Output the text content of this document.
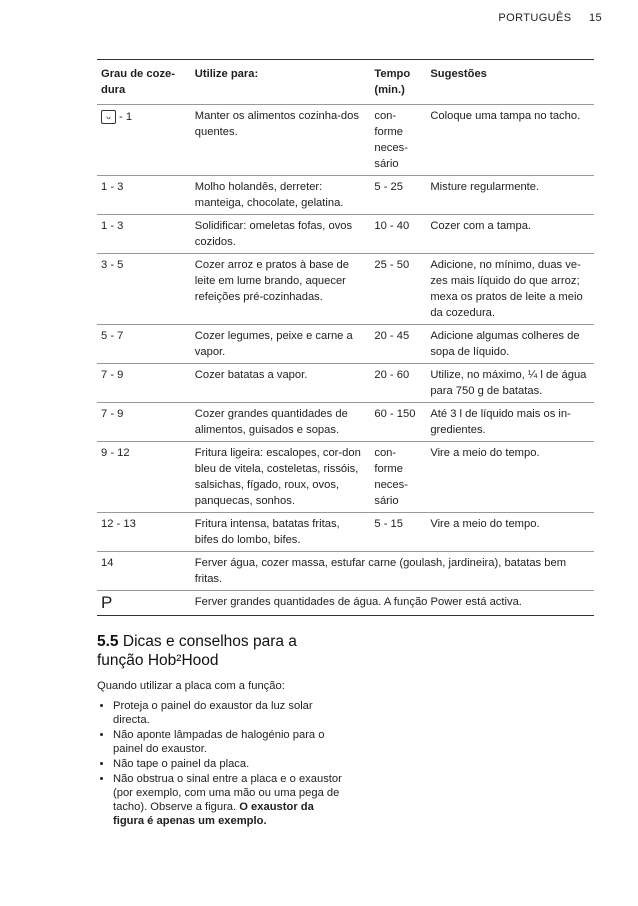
PORTUGUÊS 15
Grau de coze-dura	Utilize para:	Tempo (min.)	Sugestões

ᴗ - 1	Manter os alimentos cozinha-dos quentes.	con-forme neces-sário	Coloque uma tampa no tacho.
1 - 3	Molho holandês, derreter: manteiga, chocolate, gelatina.	5 - 25	Misture regularmente.
1 - 3	Solidificar: omeletas fofas, ovos cozidos.	10 - 40	Cozer com a tampa.
3 - 5	Cozer arroz e pratos à base de leite em lume brando, aquecer refeições pré-cozinhadas.	25 - 50	Adicione, no mínimo, duas ve-zes mais líquido do que arroz; mexa os pratos de leite a meio da cozedura.
5 - 7	Cozer legumes, peixe e carne a vapor.	20 - 45	Adicione algumas colheres de sopa de líquido.
7 - 9	Cozer batatas a vapor.	20 - 60	Utilize, no máximo, ¼ l de água para 750 g de batatas.
7 - 9	Cozer grandes quantidades de alimentos, guisados e sopas.	60 - 150	Até 3 l de líquido mais os in-gredientes.
9 - 12	Fritura ligeira: escalopes, cor-don bleu de vitela, costeletas, rissóis, salsichas, fígado, roux, ovos, panquecas, sonhos.	con-forme neces-sário	Vire a meio do tempo.
12 - 13	Fritura intensa, batatas fritas, bifes do lombo, bifes.	5 - 15	Vire a meio do tempo.
14	Ferver água, cozer massa, estufar carne (goulash, jardineira), batatas bem fritas.		
P	Ferver grandes quantidades de água. A função Power está activa.		
5.5 Dicas e conselhos para a função Hob²Hood

Quando utilizar a placa com a função:

• Proteja o painel do exaustor da luz solar directa.
• Não aponte lâmpadas de halogénio para o painel do exaustor.
• Não tape o painel da placa.
• Não obstrua o sinal entre a placa e o exaustor (por exemplo, com uma mão ou uma pega de tacho). Observe a figura. O exaustor da figura é apenas um exemplo.
